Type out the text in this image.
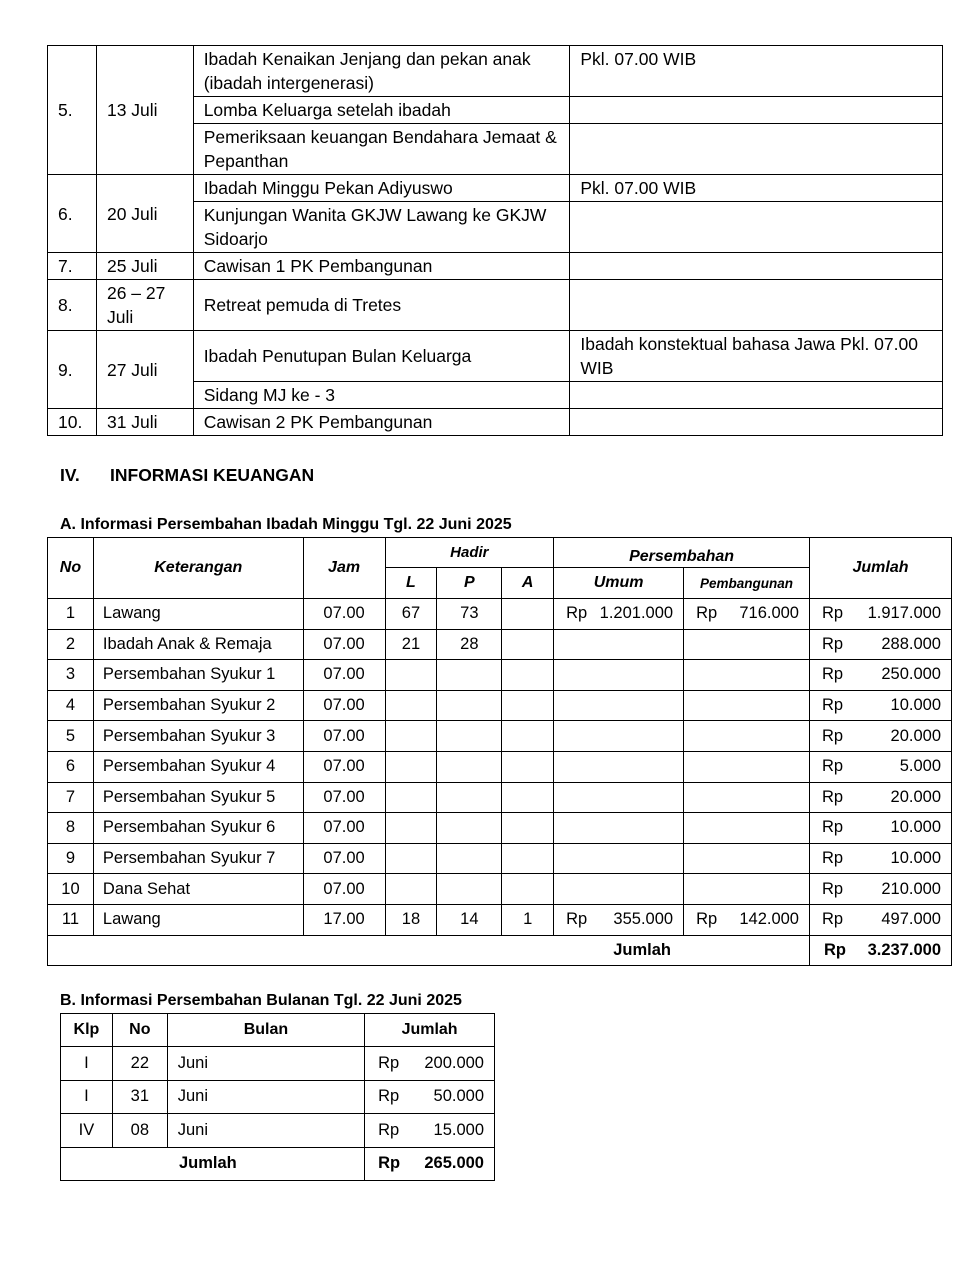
5.	13 Juli	Ibadah Kenaikan Jenjang dan pekan anak (ibadah intergenerasi)	Pkl. 07.00 WIB
		Lomba Keluarga setelah ibadah	
		Pemeriksaan keuangan Bendahara Jemaat & Pepanthan	
6.	20 Juli	Ibadah Minggu Pekan Adiyuswo	Pkl. 07.00 WIB
		Kunjungan Wanita GKJW Lawang ke GKJW Sidoarjo	
7.	25 Juli	Cawisan 1 PK Pembangunan	
8.	26 – 27 Juli	Retreat pemuda di Tretes	
9.	27 Juli	Ibadah Penutupan Bulan Keluarga	Ibadah konstektual bahasa Jawa Pkl. 07.00 WIB
		Sidang MJ ke - 3	
10.	31 Juli	Cawisan 2 PK Pembangunan	
IV. INFORMASI KEUANGAN
A. Informasi Persembahan Ibadah Minggu Tgl. 22 Juni 2025
No	Keterangan	Jam	Hadir			Persembahan		Jumlah
			L	P	A	Umum	Pembangunan	
1	Lawang	07.00	67	73		Rp 1.201.000	Rp 716.000	Rp 1.917.000

2	Ibadah Anak & Remaja	07.00	21	28				Rp 288.000

3	Persembahan Syukur 1	07.00						Rp 250.000

4	Persembahan Syukur 2	07.00						Rp 10.000

5	Persembahan Syukur 3	07.00						Rp 20.000

6	Persembahan Syukur 4	07.00						Rp 5.000

7	Persembahan Syukur 5	07.00						Rp 20.000

8	Persembahan Syukur 6	07.00						Rp 10.000

9	Persembahan Syukur 7	07.00						Rp 10.000

10	Dana Sehat	07.00						Rp 210.000

11	Lawang	17.00	18	14	1	Rp 355.000	Rp 142.000	Rp 497.000

Jumlah								Rp 3.237.000
B. Informasi Persembahan Bulanan Tgl. 22 Juni 2025
Klp	No	Bulan	Jumlah
I	22	Juni	Rp 200.000

I	31	Juni	Rp 50.000

IV	08	Juni	Rp 15.000

Jumlah			Rp 265.000
